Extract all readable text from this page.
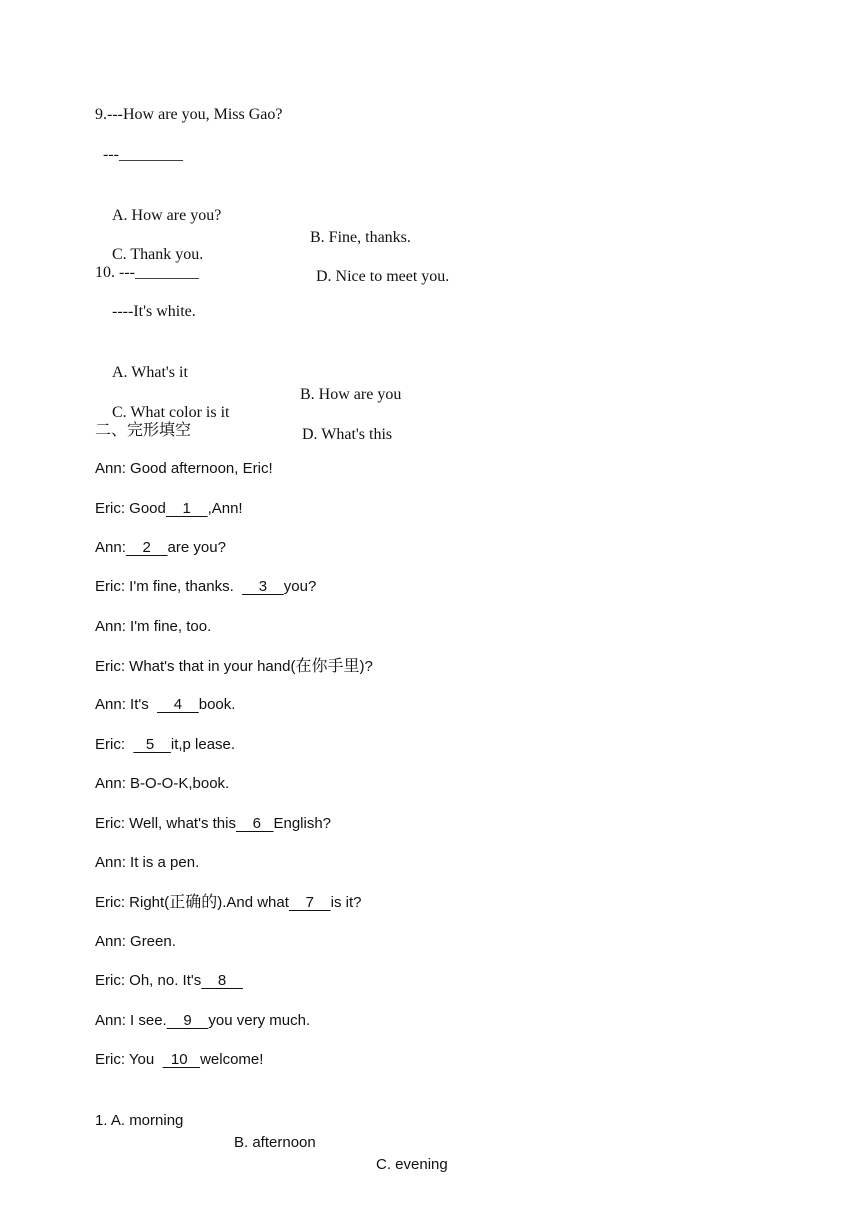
9.---How are you, Miss Gao?
---________

A. How are you?

B. Fine, thanks.

C. Thank you.

D. Nice to meet you.

10. ---________
----It's white.

A. What's it

B. How are you

C. What color is it

D. What's this

二、完形填空
Ann: Good afternoon, Eric!
Eric: Good    1    ,Ann!
Ann:    2    are you?
Eric: I'm fine, thanks.      3    you?
Ann: I'm fine, too.
Eric: What's that in your hand(在你手里)?
Ann: It's      4    book.
Eric:     5    it,p lease.
Ann: B-O-O-K,book.
Eric: Well, what's this    6   English?
Ann: It is a pen.
Eric: Right(正确的).And what    7    is it?
Ann: Green.
Eric: Oh, no. It's    8
Ann: I see.    9    you very much.
Eric: You    10   welcome!

1. A. morning

B. afternoon

C. evening
